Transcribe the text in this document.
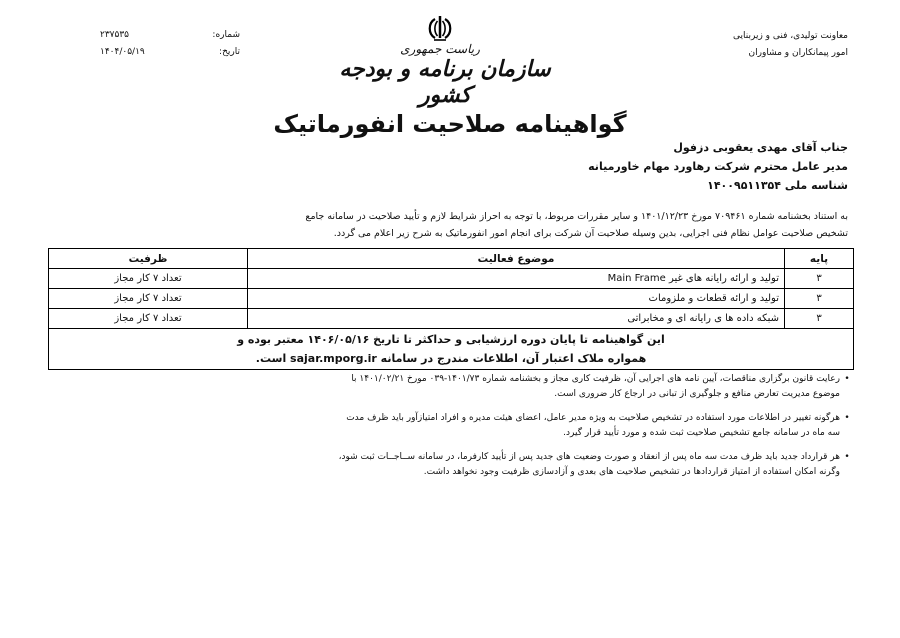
معاونت تولیدی، فنی و زیربنایی
امور پیمانکاران و مشاوران
شماره:
۲۳۷۵۳۵
تاریخ:
۱۴۰۴/۰۵/۱۹	ریاست جمهوری
سازمان برنامه و بودجه کشور
گواهینامه صلاحیت انفورماتیک
جناب آقای مهدی یعقوبی دزفول
مدیر عامل محترم شرکت رهاورد مهام خاورمیانه
شناسه ملی ۱۴۰۰۹۵۱۱۳۵۴
به استناد بخشنامه شماره ۷۰۹۴۶۱ مورخ ۱۴۰۱/۱۲/۲۳ و سایر مقررات مربوط، با توجه به احراز شرایط لازم و تأیید صلاحیت در سامانه جامع
تشخیص صلاحیت عوامل نظام فنی اجرایی، بدین وسیله صلاحیت آن شرکت برای انجام امور انفورماتیک به شرح زیر اعلام می گردد.
پایه	موضوع فعالیت	ظرفیت
۳	تولید و ارائه رایانه های غیر Main Frame	تعداد ۷ کار مجاز
۳	تولید و ارائه قطعات و ملزومات	تعداد ۷ کار مجاز
۳	شبکه داده ها ی رایانه ای و مخابراتی	تعداد ۷ کار مجاز

این گواهینامه تا پایان دوره ارزشیابی و حداکثر تا تاریخ ۱۴۰۶/۰۵/۱۶ معتبر بوده و
همواره ملاک اعتبار آن، اطلاعات مندرج در سامانه sajar.mporg.ir است.		
•
رعایت قانون برگزاری مناقصات، آیین نامه های اجرایی آن، ظرفیت کاری مجاز و بخشنامه شماره ۱۴۰۱/۷۳-۰۳۹ مورخ ۱۴۰۱/۰۲/۲۱ با
موضوع مدیریت تعارض منافع و جلوگیری از تبانی در ارجاع کار ضروری است.
•
هرگونه تغییر در اطلاعات مورد استفاده در تشخیص صلاحیت به ویژه مدیر عامل، اعضای هیئت مدیره و افراد امتیازآور باید ظرف مدت
سه ماه در سامانه جامع تشخیص صلاحیت ثبت شده و مورد تأیید قرار گیرد.
•
هر قرارداد جدید باید ظرف مدت سه ماه پس از انعقاد و صورت وضعیت های جدید پس از تأیید کارفرما، در سامانه ســاجــات ثبت شود،
وگرنه امکان استفاده از امتیاز قراردادها در تشخیص صلاحیت های بعدی و آزادسازی ظرفیت وجود نخواهد داشت.
